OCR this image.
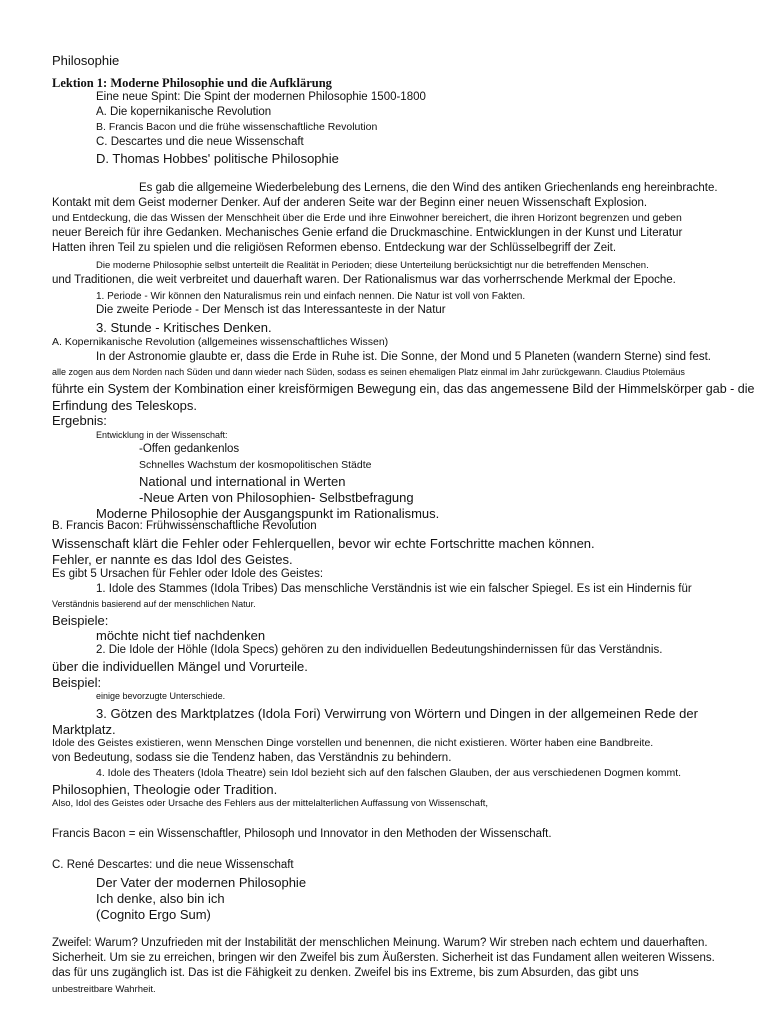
Philosophie
Lektion 1: Moderne Philosophie und die Aufklärung
Eine neue Spint: Die Spint der modernen Philosophie 1500-1800
A. Die kopernikanische Revolution
B. Francis Bacon und die frühe wissenschaftliche Revolution
C. Descartes und die neue Wissenschaft
D. Thomas Hobbes' politische Philosophie
Es gab die allgemeine Wiederbelebung des Lernens, die den Wind des antiken Griechenlands eng hereinbrachte.
Kontakt mit dem Geist moderner Denker. Auf der anderen Seite war der Beginn einer neuen Wissenschaft Explosion.
und Entdeckung, die das Wissen der Menschheit über die Erde und ihre Einwohner bereichert, die ihren Horizont begrenzen und geben
neuer Bereich für ihre Gedanken. Mechanisches Genie erfand die Druckmaschine. Entwicklungen in der Kunst und Literatur
Hatten ihren Teil zu spielen und die religiösen Reformen ebenso. Entdeckung war der Schlüsselbegriff der Zeit.
Die moderne Philosophie selbst unterteilt die Realität in Perioden; diese Unterteilung berücksichtigt nur die betreffenden Menschen.
und Traditionen, die weit verbreitet und dauerhaft waren. Der Rationalismus war das vorherrschende Merkmal der Epoche.
1. Periode - Wir können den Naturalismus rein und einfach nennen. Die Natur ist voll von Fakten.
Die zweite Periode - Der Mensch ist das Interessanteste in der Natur
3. Stunde - Kritisches Denken.
A. Kopernikanische Revolution (allgemeines wissenschaftliches Wissen)
In der Astronomie glaubte er, dass die Erde in Ruhe ist. Die Sonne, der Mond und 5 Planeten (wandern Sterne) sind fest.
alle zogen aus dem Norden nach Süden und dann wieder nach Süden, sodass es seinen ehemaligen Platz einmal im Jahr zurückgewann. Claudius Ptolemäus
führte ein System der Kombination einer kreisförmigen Bewegung ein, das das angemessene Bild der Himmelskörper gab - die
Erfindung des Teleskops.
Ergebnis:
Entwicklung in der Wissenschaft:
-Offen gedankenlos
Schnelles Wachstum der kosmopolitischen Städte
National und international in Werten
-Neue Arten von Philosophien- Selbstbefragung
Moderne Philosophie der Ausgangspunkt im Rationalismus.
B. Francis Bacon: Frühwissenschaftliche Revolution
Wissenschaft klärt die Fehler oder Fehlerquellen, bevor wir echte Fortschritte machen können.
Fehler, er nannte es das Idol des Geistes.
Es gibt 5 Ursachen für Fehler oder Idole des Geistes:
1. Idole des Stammes (Idola Tribes) Das menschliche Verständnis ist wie ein falscher Spiegel. Es ist ein Hindernis für
Verständnis basierend auf der menschlichen Natur.
Beispiele:
möchte nicht tief nachdenken
2. Die Idole der Höhle (Idola Specs) gehören zu den individuellen Bedeutungshindernissen für das Verständnis.
über die individuellen Mängel und Vorurteile.
Beispiel:
einige bevorzugte Unterschiede.
3. Götzen des Marktplatzes (Idola Fori) Verwirrung von Wörtern und Dingen in der allgemeinen Rede der
Marktplatz.
Idole des Geistes existieren, wenn Menschen Dinge vorstellen und benennen, die nicht existieren. Wörter haben eine Bandbreite.
von Bedeutung, sodass sie die Tendenz haben, das Verständnis zu behindern.
4. Idole des Theaters (Idola Theatre) sein Idol bezieht sich auf den falschen Glauben, der aus verschiedenen Dogmen kommt.
Philosophien, Theologie oder Tradition.
Also, Idol des Geistes oder Ursache des Fehlers aus der mittelalterlichen Auffassung von Wissenschaft,
Francis Bacon = ein Wissenschaftler, Philosoph und Innovator in den Methoden der Wissenschaft.
C. René Descartes: und die neue Wissenschaft
Der Vater der modernen Philosophie
Ich denke, also bin ich
(Cognito Ergo Sum)
Zweifel: Warum? Unzufrieden mit der Instabilität der menschlichen Meinung. Warum? Wir streben nach echtem und dauerhaften.
Sicherheit. Um sie zu erreichen, bringen wir den Zweifel bis zum Äußersten. Sicherheit ist das Fundament allen weiteren Wissens.
das für uns zugänglich ist. Das ist die Fähigkeit zu denken. Zweifel bis ins Extreme, bis zum Absurden, das gibt uns
unbestreitbare Wahrheit.
